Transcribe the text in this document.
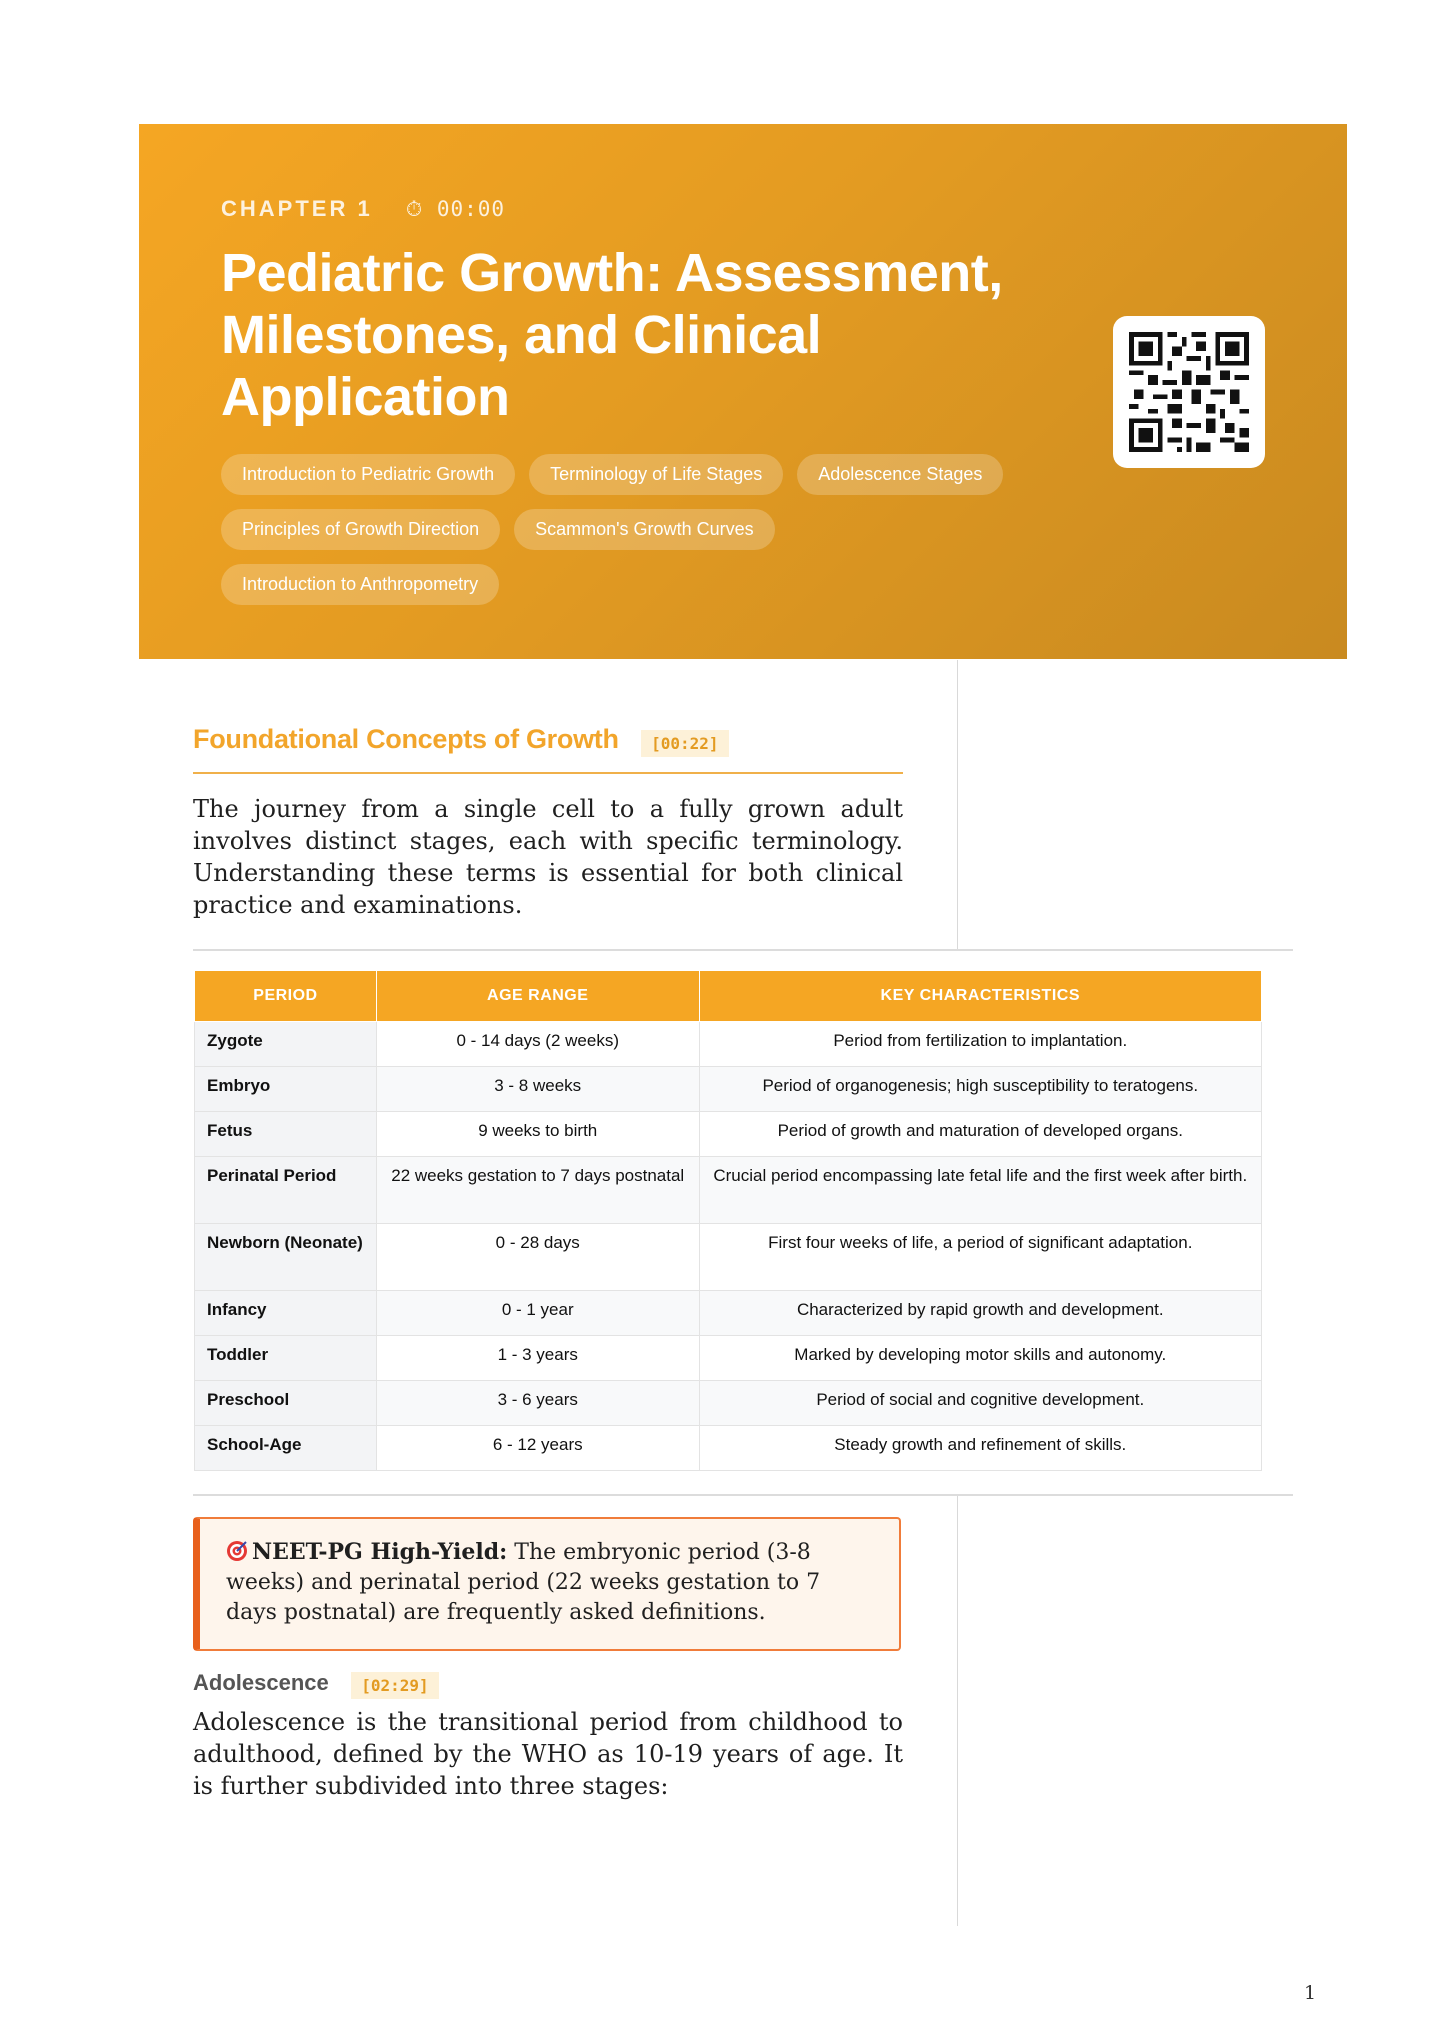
CHAPTER 1 ⏱ 00:00
Pediatric Growth: Assessment, Milestones, and Clinical Application
Introduction to Pediatric Growth	Terminology of Life Stages	Adolescence Stages
Principles of Growth Direction	Scammon's Growth Curves
Introduction to Anthropometry
Foundational Concepts of Growth [00:22]

The journey from a single cell to a fully grown adult involves distinct stages, each with specific terminology. Understanding these terms is essential for both clinical practice and examinations.

PERIOD	AGE RANGE	KEY CHARACTERISTICS
Zygote	0 - 14 days (2 weeks)	Period from fertilization to implantation.
Embryo	3 - 8 weeks	Period of organogenesis; high susceptibility to teratogens.
Fetus	9 weeks to birth	Period of growth and maturation of developed organs.
Perinatal Period	22 weeks gestation to 7 days postnatal	Crucial period encompassing late fetal life and the first week after birth.
Newborn (Neonate)	0 - 28 days	First four weeks of life, a period of significant adaptation.
Infancy	0 - 1 year	Characterized by rapid growth and development.
Toddler	1 - 3 years	Marked by developing motor skills and autonomy.
Preschool	3 - 6 years	Period of social and cognitive development.
School-Age	6 - 12 years	Steady growth and refinement of skills.

NEET-PG High-Yield: The embryonic period (3-8 weeks) and perinatal period (22 weeks gestation to 7 days postnatal) are frequently asked definitions.

Adolescence [02:29]

Adolescence is the transitional period from childhood to adulthood, defined by the WHO as 10-19 years of age. It is further subdivided into three stages:

1
